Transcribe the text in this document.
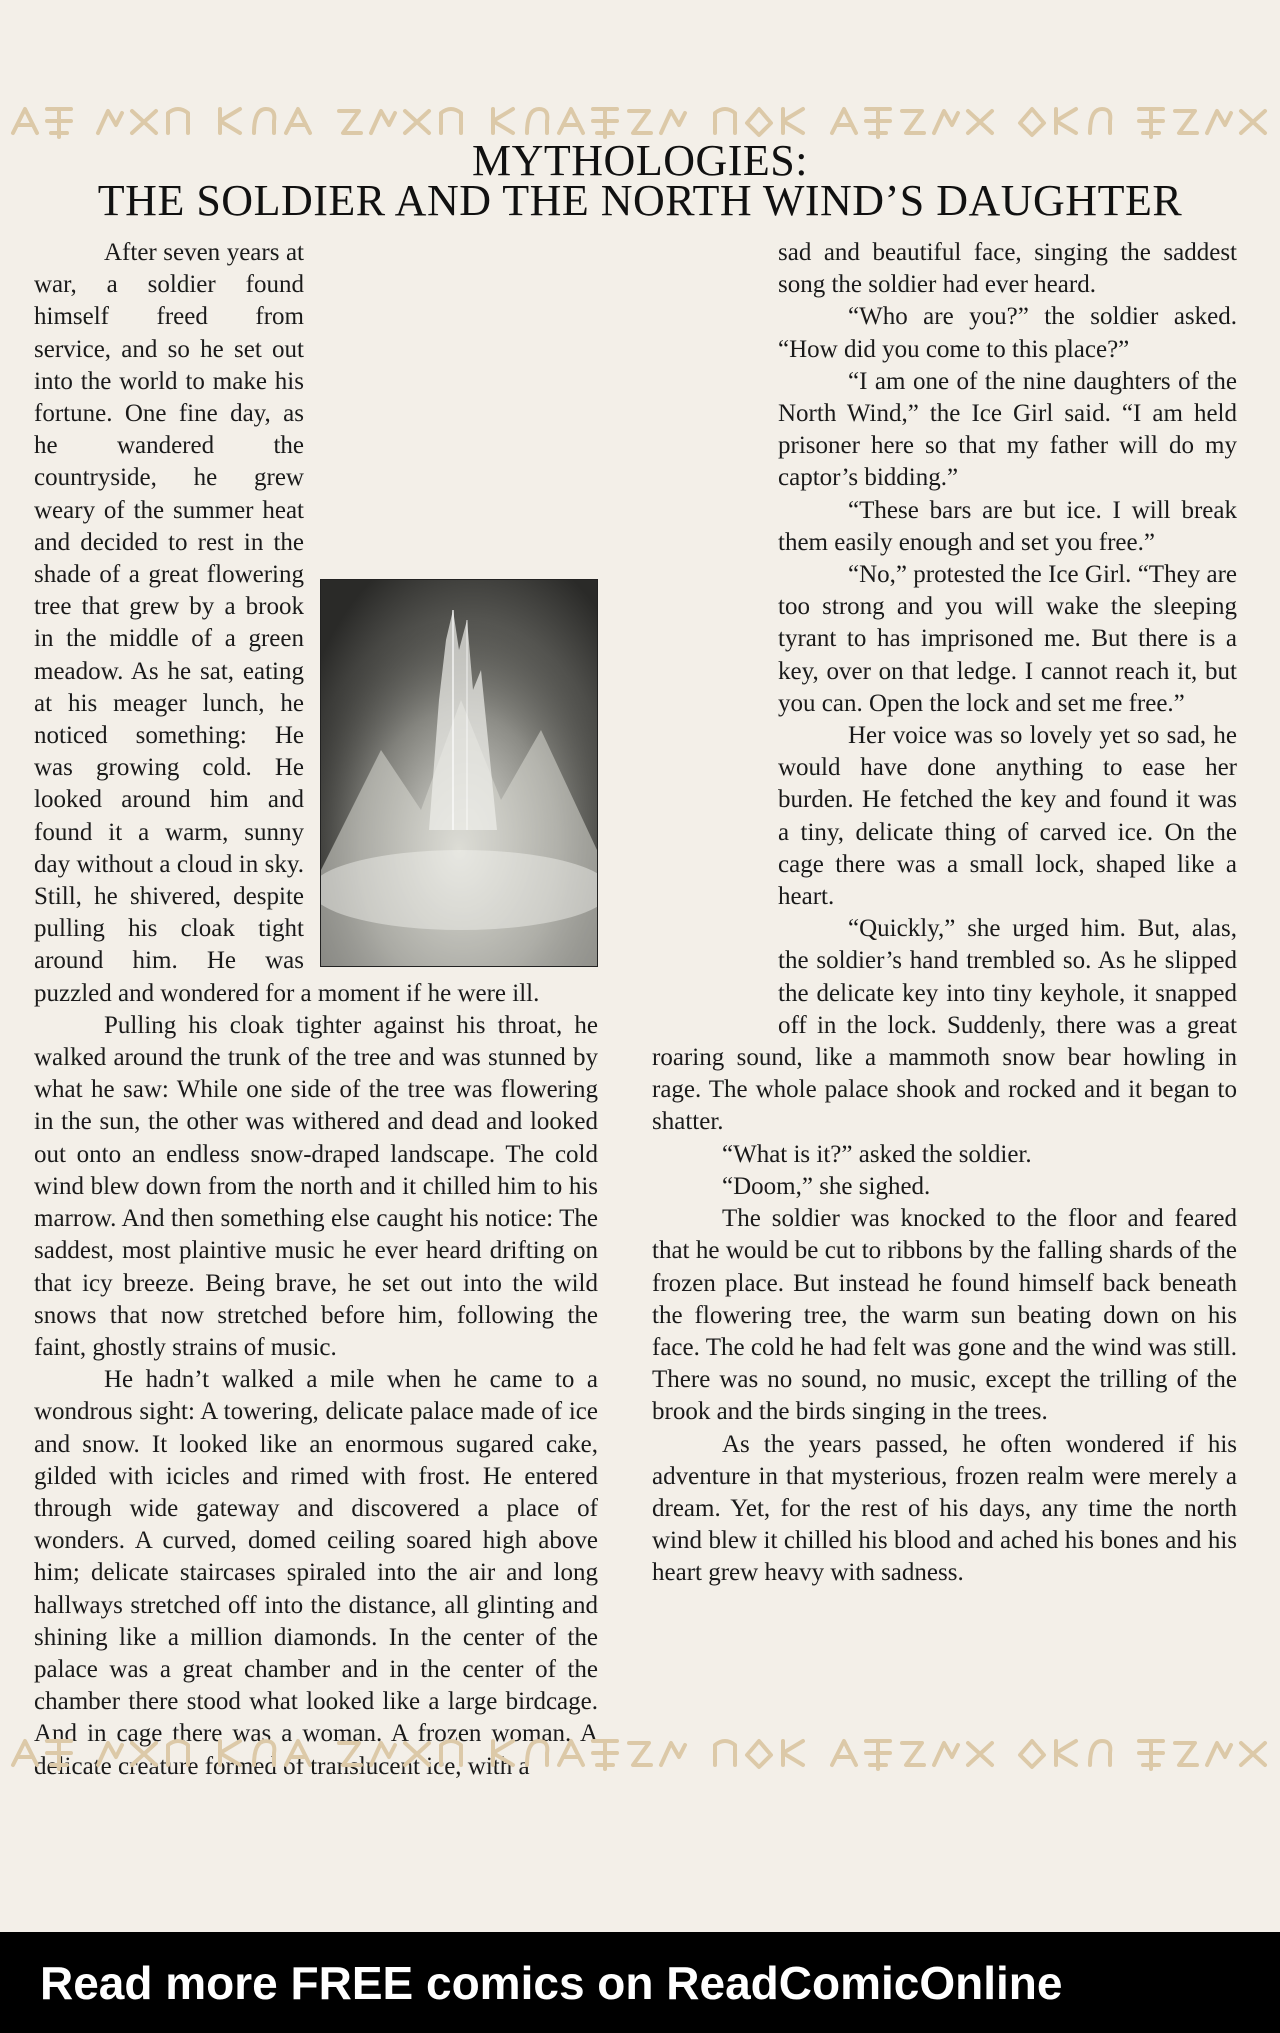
MYTHOLOGIES:
THE SOLDIER AND THE NORTH WIND’S DAUGHTER

After seven years at war, a soldier found himself freed from service, and so he set out into the world to make his fortune. One fine day, as he wandered the countryside, he grew weary of the summer heat and decided to rest in the shade of a great flowering tree that grew by a brook in the middle of a green meadow. As he sat, eating at his meager lunch, he noticed something: He was growing cold. He looked around him and found it a warm, sunny day without a cloud in sky. Still, he shivered, despite pulling his cloak tight around him. He was puzzled and wondered for a moment if he were ill.

Pulling his cloak tighter against his throat, he walked around the trunk of the tree and was stunned by what he saw: While one side of the tree was flowering in the sun, the other was withered and dead and looked out onto an endless snow-draped landscape. The cold wind blew down from the north and it chilled him to his marrow. And then something else caught his notice: The saddest, most plaintive music he ever heard drifting on that icy breeze. Being brave, he set out into the wild snows that now stretched before him, following the faint, ghostly strains of music.

He hadn’t walked a mile when he came to a wondrous sight: A towering, delicate palace made of ice and snow. It looked like an enormous sugared cake, gilded with icicles and rimed with frost. He entered through wide gateway and discovered a place of wonders. A curved, domed ceiling soared high above him; delicate staircases spiraled into the air and long hallways stretched off into the distance, all glinting and shining like a million diamonds. In the center of the palace was a great chamber and in the center of the chamber there stood what looked like a large birdcage. And in cage there was a woman. A frozen woman. A delicate creature formed of translucent ice, with a

sad and beautiful face, singing the saddest song the soldier had ever heard.

“Who are you?” the soldier asked. “How did you come to this place?”

“I am one of the nine daughters of the North Wind,” the Ice Girl said. “I am held prisoner here so that my father will do my captor’s bidding.”

“These bars are but ice. I will break them easily enough and set you free.”

“No,” protested the Ice Girl. “They are too strong and you will wake the sleeping tyrant to has imprisoned me. But there is a key, over on that ledge. I cannot reach it, but you can. Open the lock and set me free.”

Her voice was so lovely yet so sad, he would have done anything to ease her burden. He fetched the key and found it was a tiny, delicate thing of carved ice. On the cage there was a small lock, shaped like a heart.

“Quickly,” she urged him. But, alas, the soldier’s hand trembled so. As he slipped the delicate key into tiny keyhole, it snapped off in the lock. Suddenly, there was a great roaring sound, like a mammoth snow bear howling in rage. The whole palace shook and rocked and it began to shatter.

“What is it?” asked the soldier.

“Doom,” she sighed.

The soldier was knocked to the floor and feared that he would be cut to ribbons by the falling shards of the frozen place. But instead he found himself back beneath the flowering tree, the warm sun beating down on his face. The cold he had felt was gone and the wind was still. There was no sound, no music, except the trilling of the brook and the birds singing in the trees.

As the years passed, he often wondered if his adventure in that mysterious, frozen realm were merely a dream. Yet, for the rest of his days, any time the north wind blew it chilled his blood and ached his bones and his heart grew heavy with sadness.

Read more FREE comics on ReadComicOnline
